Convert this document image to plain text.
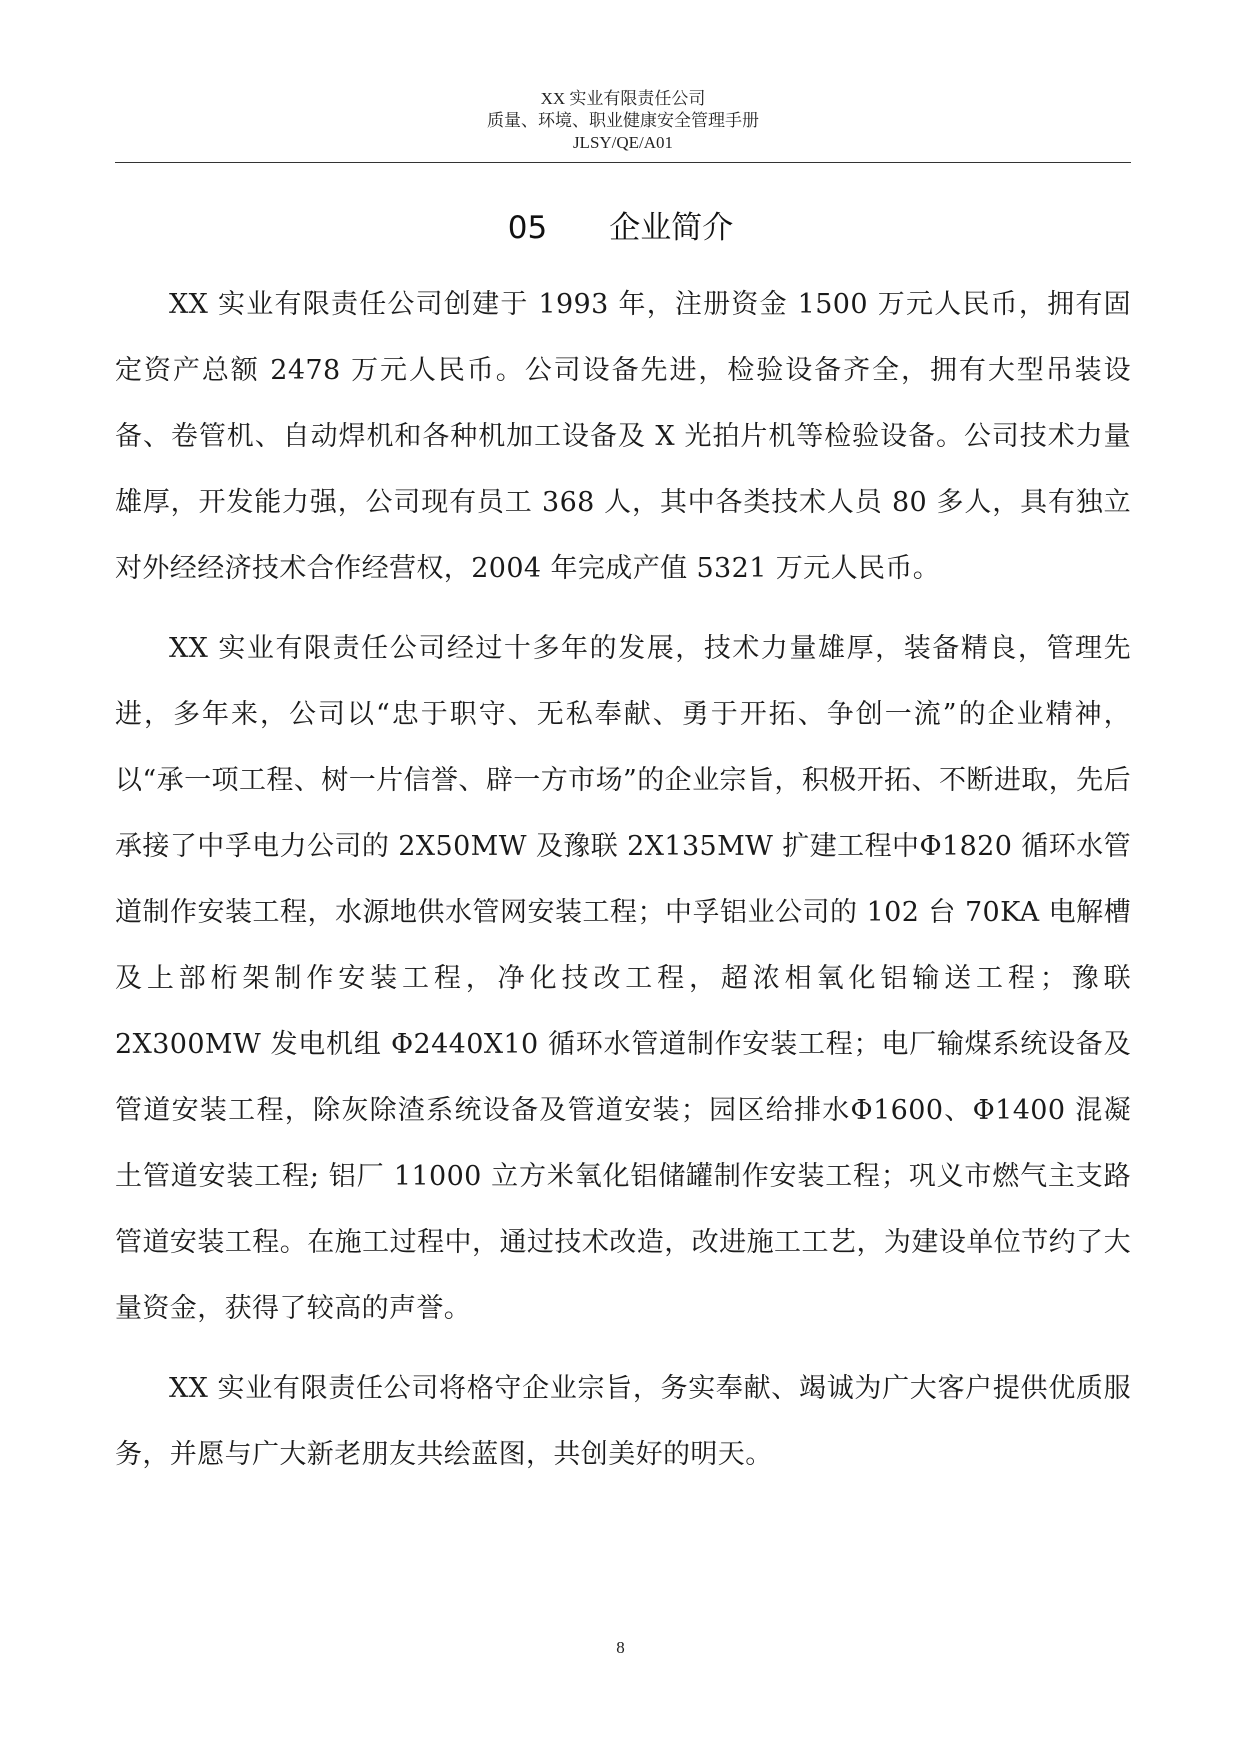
XX 实业有限责任公司
质量、环境、职业健康安全管理手册
JLSY/QE/A01
05 企业简介

XX 实业有限责任公司创建于 1993 年，注册资金 1500 万元人民币，拥有固定资产总额 2478 万元人民币。公司设备先进，检验设备齐全，拥有大型吊装设备、卷管机、自动焊机和各种机加工设备及 X 光拍片机等检验设备。公司技术力量雄厚，开发能力强，公司现有员工 368 人，其中各类技术人员 80 多人，具有独立对外经经济技术合作经营权，2004 年完成产值 5321 万元人民币。

XX 实业有限责任公司经过十多年的发展，技术力量雄厚，装备精良，管理先进，多年来，公司以“忠于职守、无私奉献、勇于开拓、争创一流”的企业精神，以“承一项工程、树一片信誉、辟一方市场”的企业宗旨，积极开拓、不断进取，先后承接了中孚电力公司的 2X50MW 及豫联 2X135MW 扩建工程中Φ1820 循环水管道制作安装工程，水源地供水管网安装工程；中孚铝业公司的 102 台 70KA 电解槽及上部桁架制作安装工程，净化技改工程，超浓相氧化铝输送工程；豫联 2X300MW 发电机组 Φ2440X10 循环水管道制作安装工程；电厂输煤系统设备及管道安装工程，除灰除渣系统设备及管道安装；园区给排水Φ1600、Φ1400 混凝土管道安装工程; 铝厂 11000 立方米氧化铝储罐制作安装工程；巩义市燃气主支路管道安装工程。在施工过程中，通过技术改造，改进施工工艺，为建设单位节约了大量资金，获得了较高的声誉。

XX 实业有限责任公司将格守企业宗旨，务实奉献、竭诚为广大客户提供优质服务，并愿与广大新老朋友共绘蓝图，共创美好的明天。

8
